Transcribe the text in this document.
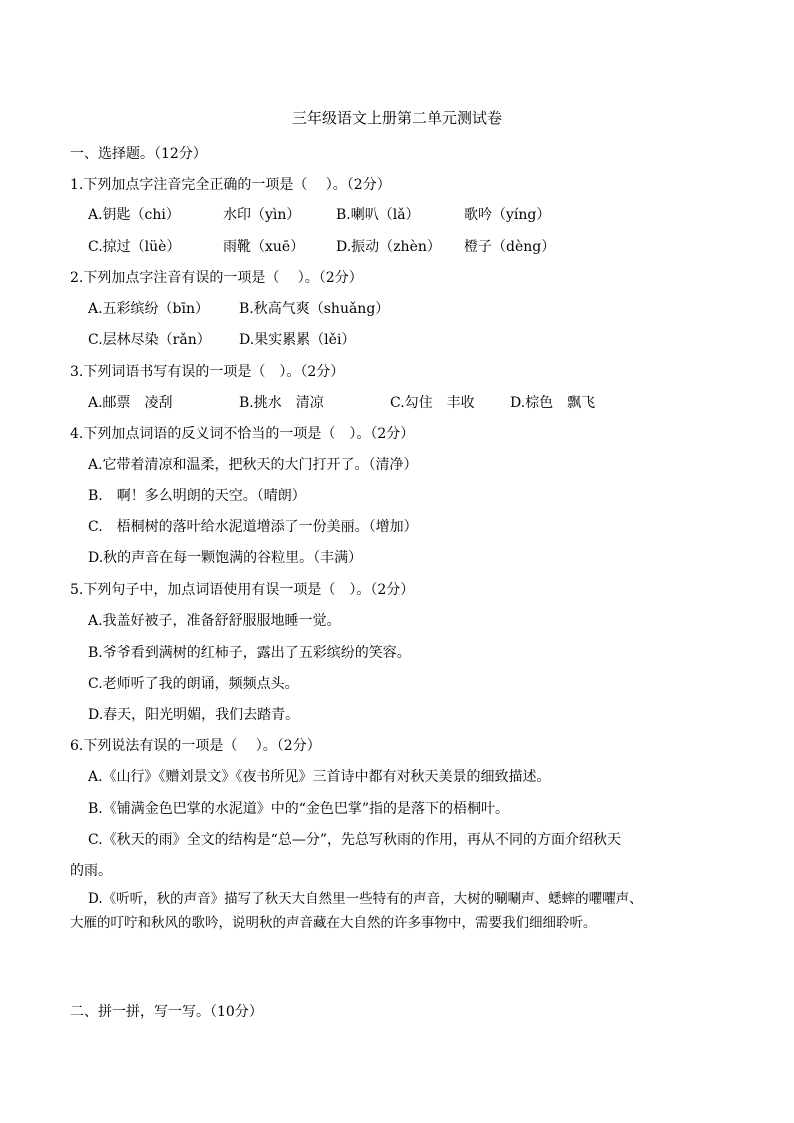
三年级语文上册第二单元测试卷
一、选择题。（12分）
1.下列加点字注音完全正确的一项是（　 ）。（2分）
A.钥匙（chi）	水印（yìn）	B.喇叭（lǎ）	歌吟（yíng）
C.掠过（lüè）	雨靴（xuē） D.振动（zhèn） 橙子（dèng）
2.下列加点字注音有误的一项是（　 ）。（2分）
A.五彩缤纷（bīn） B.秋高气爽（shuǎng）
C.层林尽染（rǎn） D.果实累累（lěi）
3.下列词语书写有误的一项是（　）。（2分）
A.邮票　凌刮	B.挑水　清凉	C.勾住　丰收	D.棕色　飘飞
4.下列加点词语的反义词不恰当的一项是（　）。（2分）
A.它带着清凉和温柔，把秋天的大门打开了。（清净）
B.　啊！多么明朗的天空。（晴朗）
C.　梧桐树的落叶给水泥道增添了一份美丽。（增加）
D.秋的声音在每一颗饱满的谷粒里。（丰满）
5.下列句子中，加点词语使用有误一项是（　）。（2分）
A.我盖好被子，准备舒舒服服地睡一觉。
B.爷爷看到满树的红柿子，露出了五彩缤纷的笑容。
C.老师听了我的朗诵，频频点头。
D.春天，阳光明媚，我们去踏青。
6.下列说法有误的一项是（　 ）。（2分）
A.《山行》《赠刘景文》《夜书所见》三首诗中都有对秋天美景的细致描述。
B.《铺满金色巴掌的水泥道》中的“金色巴掌”指的是落下的梧桐叶。
C.《秋天的雨》全文的结构是“总—分”，先总写秋雨的作用，再从不同的方面介绍秋天
的雨。
D.《听听，秋的声音》描写了秋天大自然里一些特有的声音，大树的唰唰声、蟋蟀的㘗㘗声、
大雁的叮咛和秋风的歌吟，说明秋的声音藏在大自然的许多事物中，需要我们细细聆听。
二、拼一拼，写一写。（10分）
